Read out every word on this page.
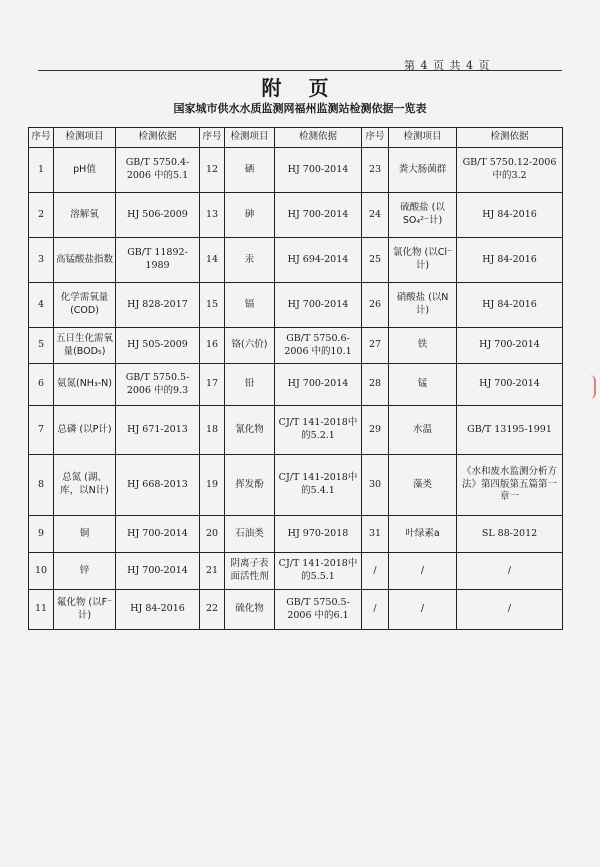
第 4 页 共 4 页
附 页
国家城市供水水质监测网福州监测站检测依据一览表
序号	检测项目	检测依据	序号	检测项目	检测依据	序号	检测项目	检测依据
1	pH值	GB/T 5750.4-2006 中的5.1	12	硒	HJ 700-2014	23	粪大肠菌群	GB/T 5750.12-2006 中的3.2
2	溶解氧	HJ 506-2009	13	砷	HJ 700-2014	24	硫酸盐 (以SO₄²⁻计)	HJ 84-2016
3	高锰酸盐指数	GB/T 11892-1989	14	汞	HJ 694-2014	25	氯化物 (以Cl⁻计)	HJ 84-2016
4	化学需氧量 (COD)	HJ 828-2017	15	镉	HJ 700-2014	26	硝酸盐 (以N计)	HJ 84-2016
5	五日生化需氧量(BOD₅)	HJ 505-2009	16	铬(六价)	GB/T 5750.6-2006 中的10.1	27	铁	HJ 700-2014
6	氨氮(NH₃-N)	GB/T 5750.5-2006 中的9.3	17	铅	HJ 700-2014	28	锰	HJ 700-2014
7	总磷 (以P计)	HJ 671-2013	18	氰化物	CJ/T 141-2018中的5.2.1	29	水温	GB/T 13195-1991
8	总氮 (湖、库，以N计)	HJ 668-2013	19	挥发酚	CJ/T 141-2018中的5.4.1	30	藻类	《水和废水监测分析方法》第四版第五篇第一章一
9	铜	HJ 700-2014	20	石油类	HJ 970-2018	31	叶绿素a	SL 88-2012
10	锌	HJ 700-2014	21	阴离子表面活性剂	CJ/T 141-2018中的5.5.1	/	/	/
11	氟化物 (以F⁻计)	HJ 84-2016	22	硫化物	GB/T 5750.5-2006 中的6.1	/	/	/
